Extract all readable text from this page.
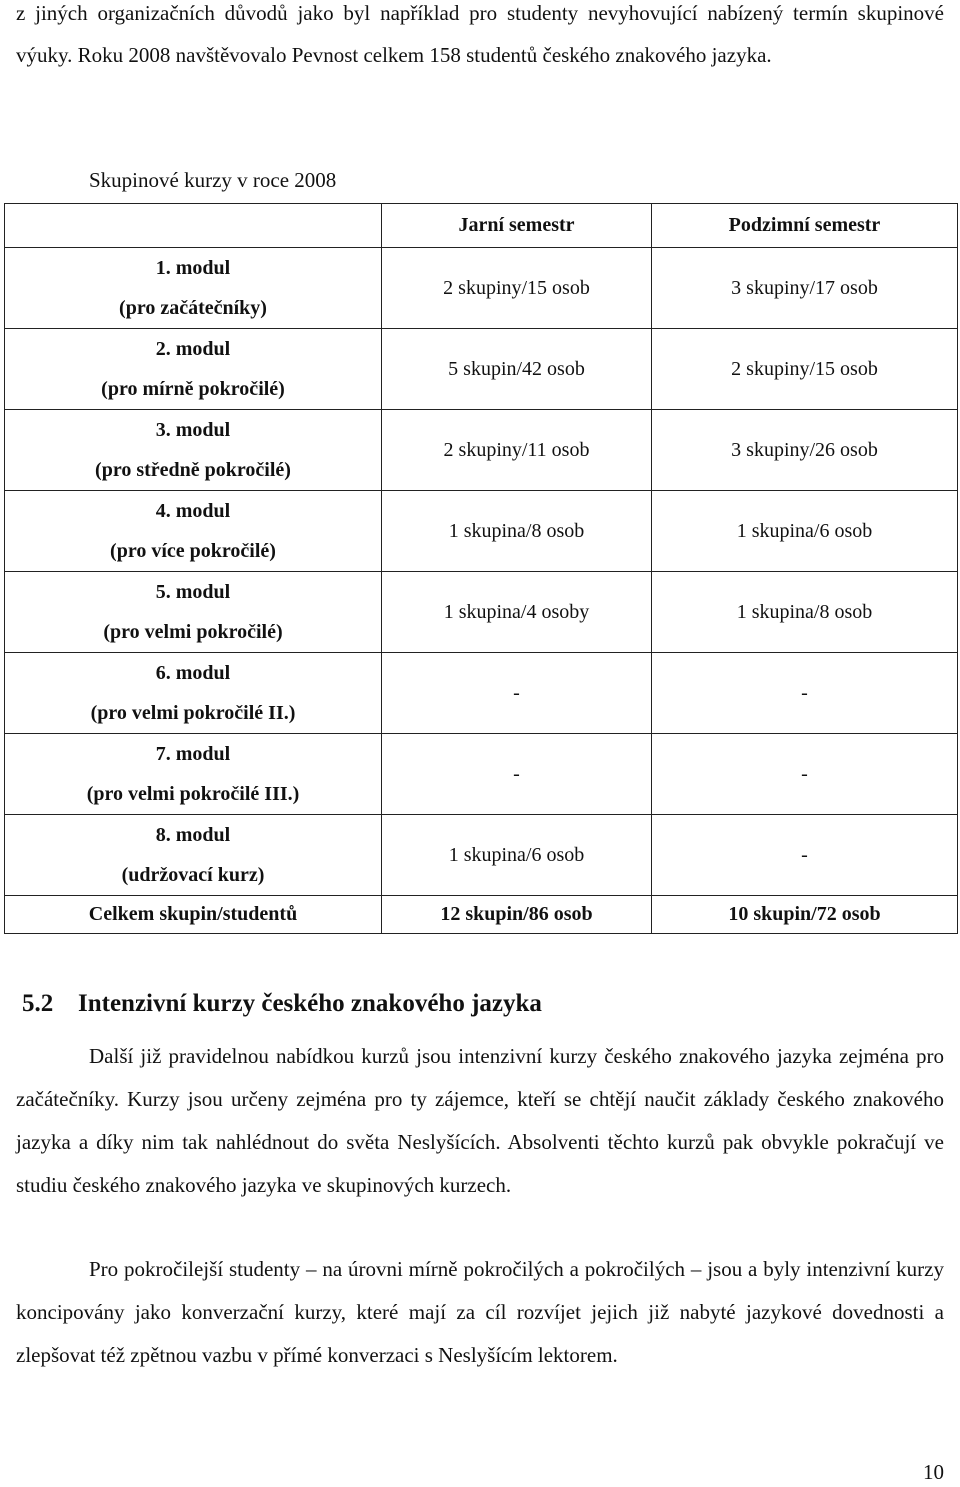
z jiných organizačních důvodů jako byl například pro studenty nevyhovující nabízený termín skupinové výuky. Roku 2008 navštěvovalo Pevnost celkem 158 studentů českého znakového jazyka.
Skupinové kurzy v roce 2008
	Jarní semestr	Podzimní semestr
1. modul
(pro začátečníky)	2 skupiny/15 osob	3 skupiny/17 osob
2. modul
(pro mírně pokročilé)	5 skupin/42 osob	2 skupiny/15 osob
3. modul
(pro středně pokročilé)	2 skupiny/11 osob	3 skupiny/26 osob
4. modul
(pro více pokročilé)	1 skupina/8 osob	1 skupina/6 osob
5. modul
(pro velmi pokročilé)	1 skupina/4 osoby	1 skupina/8 osob
6. modul
(pro velmi pokročilé II.)	-	-
7. modul
(pro velmi pokročilé III.)	-	-
8. modul
(udržovací kurz)	1 skupina/6 osob	-
Celkem skupin/studentů	12 skupin/86 osob	10 skupin/72 osob
5.2 Intenzivní kurzy českého znakového jazyka
Další již pravidelnou nabídkou kurzů jsou intenzivní kurzy českého znakového jazyka zejména pro začátečníky. Kurzy jsou určeny zejména pro ty zájemce, kteří se chtějí naučit základy českého znakového jazyka a díky nim tak nahlédnout do světa Neslyšících. Absolventi těchto kurzů pak obvykle pokračují ve studiu českého znakového jazyka ve skupinových kurzech.
Pro pokročilejší studenty – na úrovni mírně pokročilých a pokročilých – jsou a byly intenzivní kurzy koncipovány jako konverzační kurzy, které mají za cíl rozvíjet jejich již nabyté jazykové dovednosti a zlepšovat též zpětnou vazbu v přímé konverzaci s Neslyšícím lektorem.
10
